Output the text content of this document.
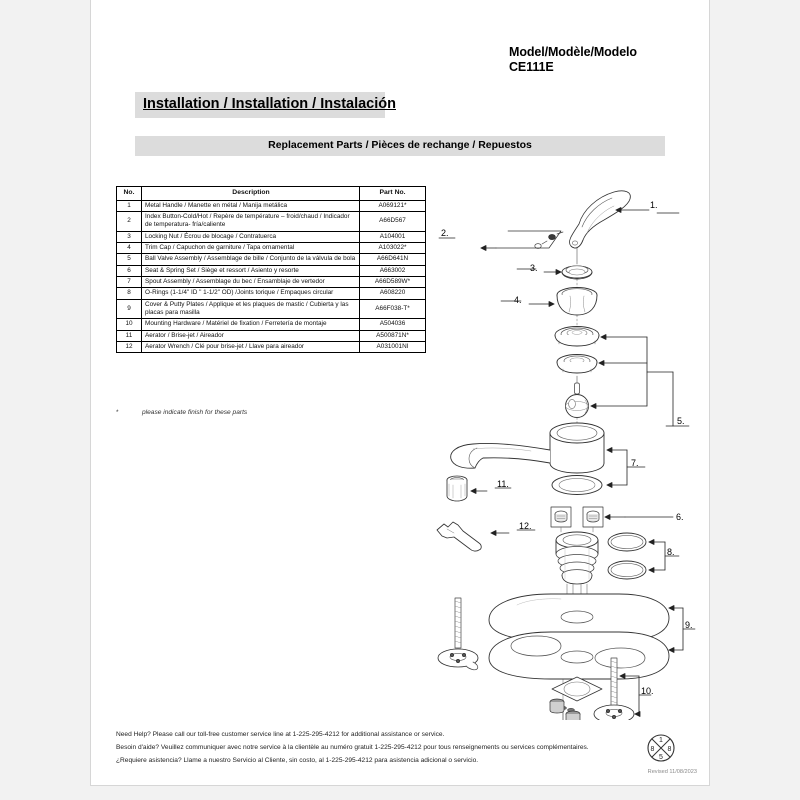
Model/Modèle/Modelo
CE111E
Installation / Installation / Instalación
Replacement Parts / Pièces de rechange / Repuestos
No.	Description	Part No.
1	Metal Handle / Manette en métal / Manija metálica	A069121*
2	Index Button-Cold/Hot / Repère de température – froid/chaud / Indicador de temperatura- fría/caliente	A66D567
3	Locking Nut / Écrou de blocage / Contratuerca	A104001
4	Trim Cap / Capuchon de garniture / Tapa ornamental	A103022*
5	Ball Valve Assembly / Assemblage de bille / Conjunto de la válvula de bola	A66D641N
6	Seat & Spring Set / Siège et ressort / Asiento y resorte	A663002
7	Spout Assembly / Assemblage du bec / Ensamblaje de vertedor	A66D589W*
8	O-Rings (1-1/4" ID " 1-1/2" OD) /Joints torique / Empaques circular	A608220
9	Cover & Putty Plates / Applique et les plaques de mastic / Cubierta y las placas para masilla	A66F038-T*
10	Mounting Hardware / Matériel de fixation / Ferretería de montaje	A504036
11	Aerator / Brise-jet / Aireador	A500871N*
12	Aerator Wrench / Clé pour brise-jet / Llave para aireador	A031001NI
*	please indicate finish for these parts
1.
2.
3.
4.
5.
6.
7.
8.
9.
10.
11.
12.
Need Help? Please call our toll-free customer service line at 1-225-295-4212 for additional assistance or service.
Besoin d'aide? Veuillez communiquer avec notre service à la clientèle au numéro gratuit 1-225-295-4212 pour tous renseignements ou services complémentaires.
¿Requiere asistencia? Llame a nuestro Servicio al Cliente, sin costo, al 1-225-295-4212 para asistencia adicional o servicio.
1
8 8
5
Revised 11/08/2023
